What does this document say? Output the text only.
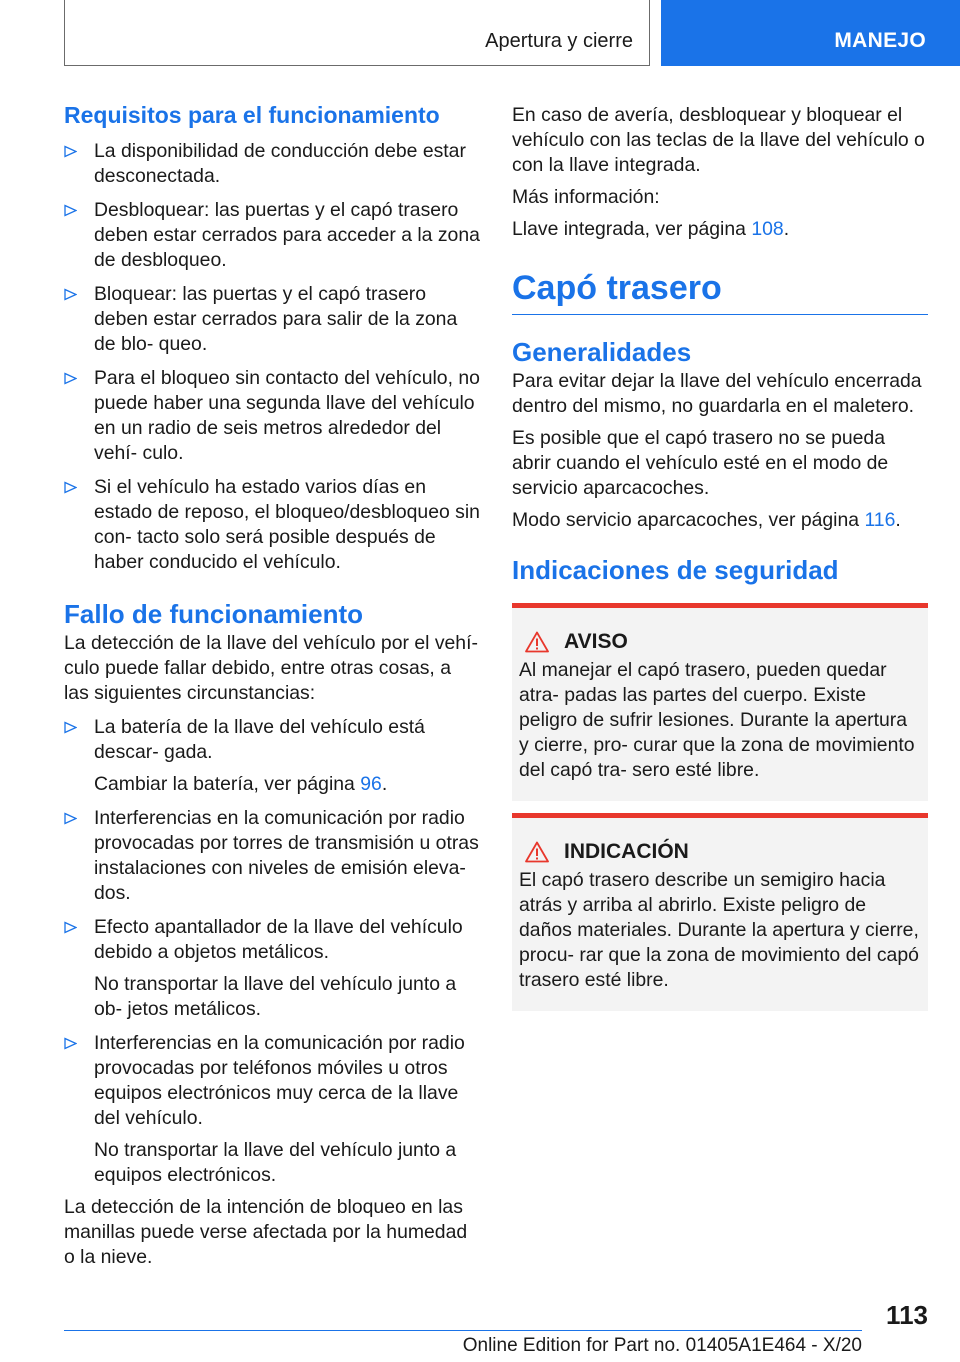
Apertura y cierre	MANEJO
Requisitos para el funcionamiento
La disponibilidad de conducción debe estar desconectada.
Desbloquear: las puertas y el capó trasero deben estar cerrados para acceder a la zona de desbloqueo.
Bloquear: las puertas y el capó trasero deben estar cerrados para salir de la zona de blo‐ queo.
Para el bloqueo sin contacto del vehículo, no puede haber una segunda llave del vehículo en un radio de seis metros alrededor del vehí‐ culo.
Si el vehículo ha estado varios días en estado de reposo, el bloqueo/desbloqueo sin con‐ tacto solo será posible después de haber conducido el vehículo.
Fallo de funcionamiento
La detección de la llave del vehículo por el vehí‐ culo puede fallar debido, entre otras cosas, a las siguientes circunstancias:
La batería de la llave del vehículo está descar‐ gada.
Cambiar la batería, ver página 96.
Interferencias en la comunicación por radio provocadas por torres de transmisión u otras instalaciones con niveles de emisión eleva‐ dos.
Efecto apantallador de la llave del vehículo debido a objetos metálicos.
No transportar la llave del vehículo junto a ob‐ jetos metálicos.
Interferencias en la comunicación por radio provocadas por teléfonos móviles u otros equipos electrónicos muy cerca de la llave del vehículo.
No transportar la llave del vehículo junto a equipos electrónicos.
La detección de la intención de bloqueo en las manillas puede verse afectada por la humedad o la nieve.
En caso de avería, desbloquear y bloquear el vehículo con las teclas de la llave del vehículo o con la llave integrada.
Más información:
Llave integrada, ver página 108.
Capó trasero
Generalidades
Para evitar dejar la llave del vehículo encerrada dentro del mismo, no guardarla en el maletero.
Es posible que el capó trasero no se pueda abrir cuando el vehículo esté en el modo de servicio aparcacoches.
Modo servicio aparcacoches, ver página 116.
Indicaciones de seguridad
AVISO
Al manejar el capó trasero, pueden quedar atra‐ padas las partes del cuerpo. Existe peligro de sufrir lesiones. Durante la apertura y cierre, pro‐ curar que la zona de movimiento del capó tra‐ sero esté libre.
INDICACIÓN
El capó trasero describe un semigiro hacia atrás y arriba al abrirlo. Existe peligro de daños materiales. Durante la apertura y cierre, procu‐ rar que la zona de movimiento del capó trasero esté libre.
113
Online Edition for Part no. 01405A1E464 - X/20
